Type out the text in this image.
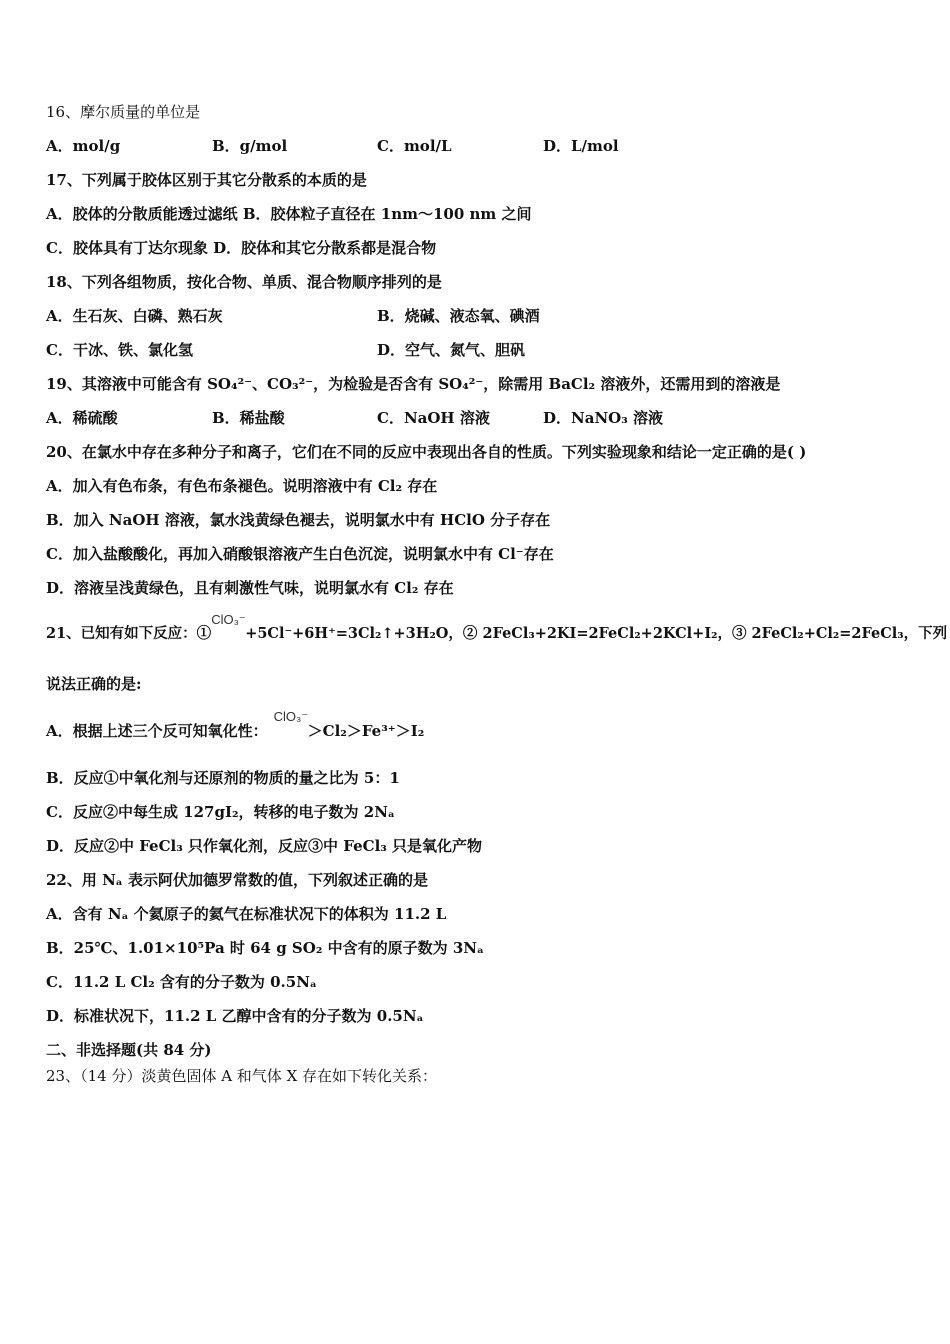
16、摩尔质量的单位是
A．mol/g	B．g/mol	C．mol/L	D．L/mol
17、下列属于胶体区别于其它分散系的本质的是
A．胶体的分散质能透过滤纸 B．胶体粒子直径在 1nm～100 nm 之间
C．胶体具有丁达尔现象 D．胶体和其它分散系都是混合物
18、下列各组物质，按化合物、单质、混合物顺序排列的是
A．生石灰、白磷、熟石灰	B．烧碱、液态氧、碘酒
C．干冰、铁、氯化氢	D．空气、氮气、胆矾
19、其溶液中可能含有 SO₄²⁻、CO₃²⁻，为检验是否含有 SO₄²⁻，除需用 BaCl₂ 溶液外，还需用到的溶液是
A．稀硫酸	B．稀盐酸	C．NaOH 溶液	D．NaNO₃ 溶液
20、在氯水中存在多种分子和离子，它们在不同的反应中表现出各自的性质。下列实验现象和结论一定正确的是( )
A．加入有色布条，有色布条褪色。说明溶液中有 Cl₂ 存在
B．加入 NaOH 溶液，氯水浅黄绿色褪去，说明氯水中有 HClO 分子存在
C．加入盐酸酸化，再加入硝酸银溶液产生白色沉淀，说明氯水中有 Cl⁻存在
D．溶液呈浅黄绿色，且有刺激性气味，说明氯水有 Cl₂ 存在
21、已知有如下反应：①
ClO₃⁻
+5Cl⁻+6H⁺=3Cl₂↑+3H₂O，② 2FeCl₃+2KI=2FeCl₂+2KCl+I₂，③ 2FeCl₂+Cl₂=2FeCl₃，下列
说法正确的是:
A．根据上述三个反可知氧化性：
ClO₃⁻
＞Cl₂＞Fe³⁺＞I₂
B．反应①中氧化剂与还原剂的物质的量之比为 5：1
C．反应②中每生成 127gI₂，转移的电子数为 2Nₐ
D．反应②中 FeCl₃ 只作氧化剂，反应③中 FeCl₃ 只是氧化产物
22、用 Nₐ 表示阿伏加德罗常数的值，下列叙述正确的是
A．含有 Nₐ 个氦原子的氦气在标准状况下的体积为 11.2 L
B．25℃、1.01×10⁵Pa 时 64 g SO₂ 中含有的原子数为 3Nₐ
C．11.2 L Cl₂ 含有的分子数为 0.5Nₐ
D．标准状况下，11.2 L 乙醇中含有的分子数为 0.5Nₐ
二、非选择题(共 84 分)
23、（14 分）淡黄色固体 A 和气体 X 存在如下转化关系：
